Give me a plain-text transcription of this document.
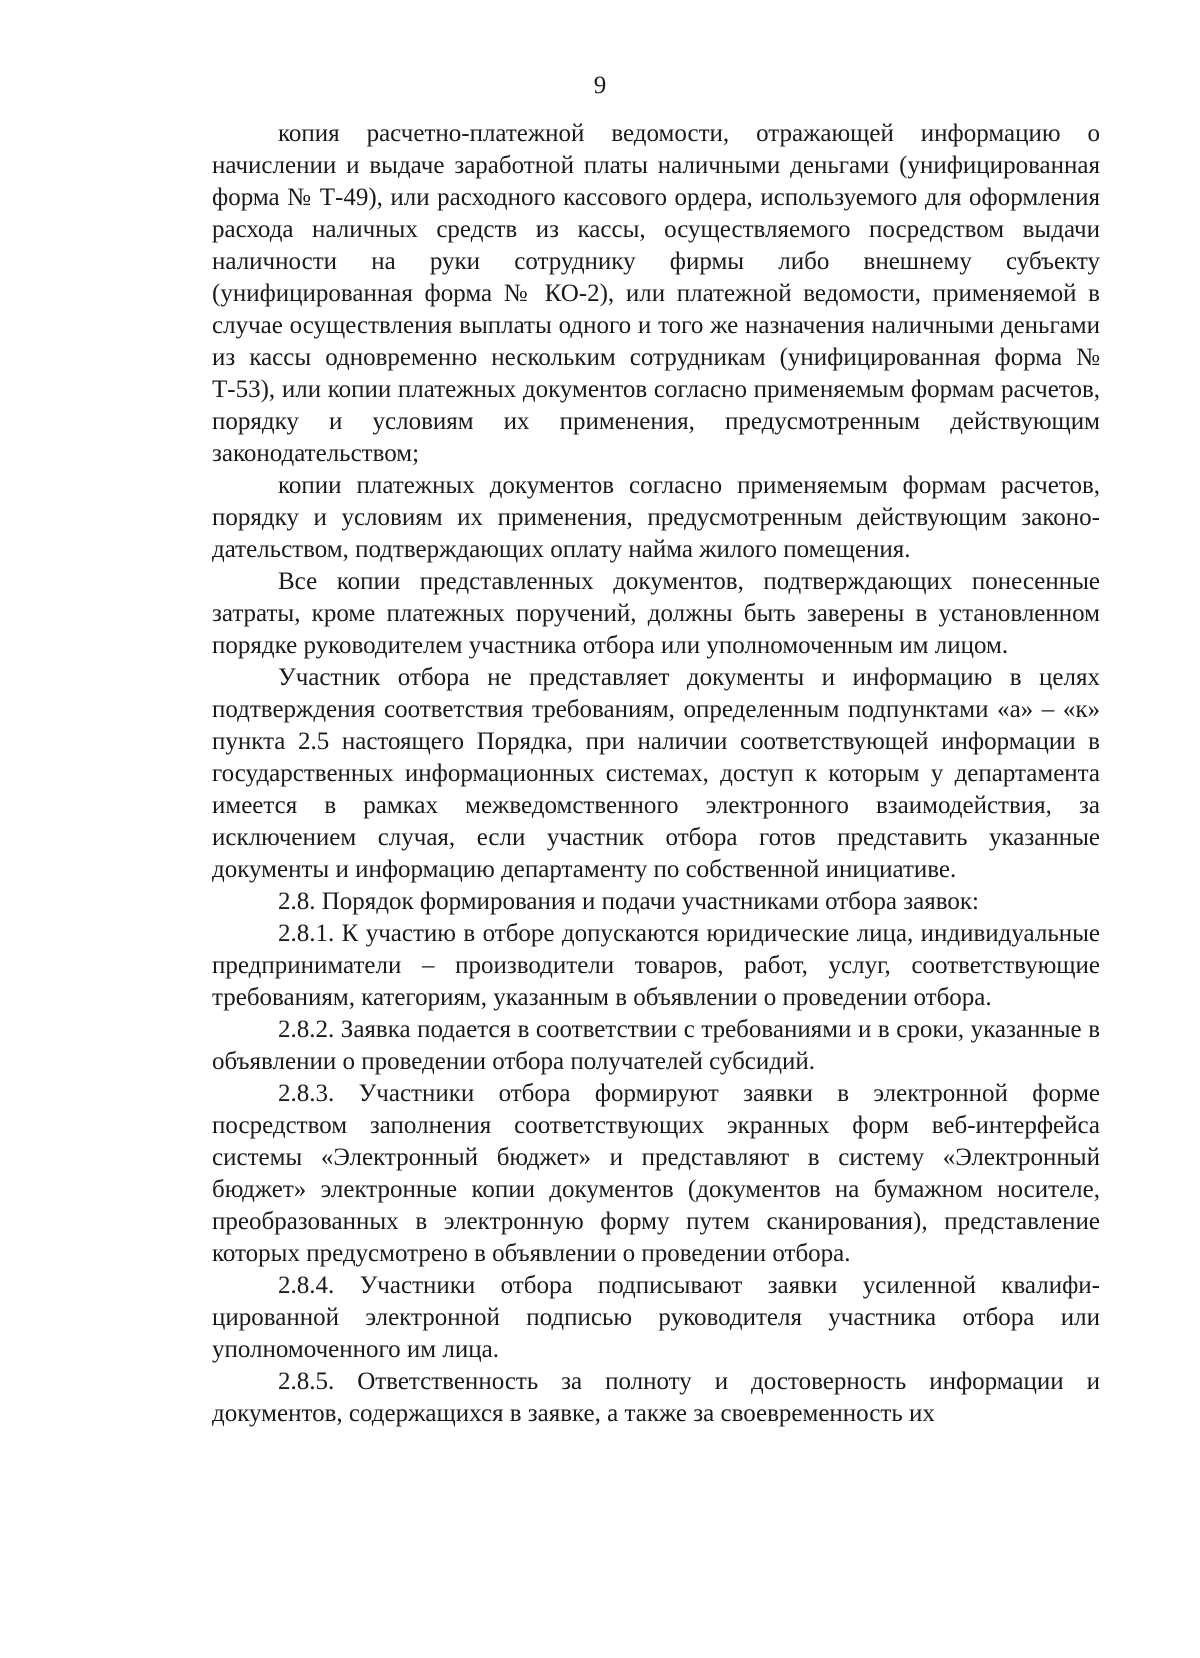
9

копия расчетно-платежной ведомости, отражающей информацию о начислении и выдаче заработной платы наличными деньгами (унифицированная форма № Т-49), или расходного кассового ордера, используемого для оформления расхода наличных средств из кассы, осуществляемого посредством выдачи наличности на руки сотруднику фирмы либо внешнему субъекту (унифицированная форма № КО-2), или платежной ведомости, применяемой в случае осуществления выплаты одного и того же назначения наличными деньгами из кассы одновременно нескольким сотрудникам (унифицированная форма № Т-53), или копии платежных документов согласно применяемым формам расчетов, порядку и условиям их применения, предусмотренным действующим законодательством;

копии платежных документов согласно применяемым формам расчетов, порядку и условиям их применения, предусмотренным действующим законодательством, подтверждающих оплату найма жилого помещения.

Все копии представленных документов, подтверждающих понесенные затраты, кроме платежных поручений, должны быть заверены в установленном порядке руководителем участника отбора или уполномоченным им лицом.

Участник отбора не представляет документы и информацию в целях подтверждения соответствия требованиям, определенным подпунктами «а» – «к» пункта 2.5 настоящего Порядка, при наличии соответствующей информации в государственных информационных системах, доступ к которым у департамента имеется в рамках межведомственного электронного взаимодействия, за исключением случая, если участник отбора готов представить указанные документы и информацию департаменту по собственной инициативе.

2.8. Порядок формирования и подачи участниками отбора заявок:

2.8.1. К участию в отборе допускаются юридические лица, индивидуальные предприниматели – производители товаров, работ, услуг, соответствующие требованиям, категориям, указанным в объявлении о проведении отбора.

2.8.2. Заявка подается в соответствии с требованиями и в сроки, указанные в объявлении о проведении отбора получателей субсидий.

2.8.3. Участники отбора формируют заявки в электронной форме посредством заполнения соответствующих экранных форм веб-интерфейса системы «Электронный бюджет» и представляют в систему «Электронный бюджет» электронные копии документов (документов на бумажном носителе, преобразованных в электронную форму путем сканирования), представление которых предусмотрено в объявлении о проведении отбора.

2.8.4. Участники отбора подписывают заявки усиленной квалифицированной электронной подписью руководителя участника отбора или уполномоченного им лица.

2.8.5. Ответственность за полноту и достоверность информации и документов, содержащихся в заявке, а также за своевременность их
